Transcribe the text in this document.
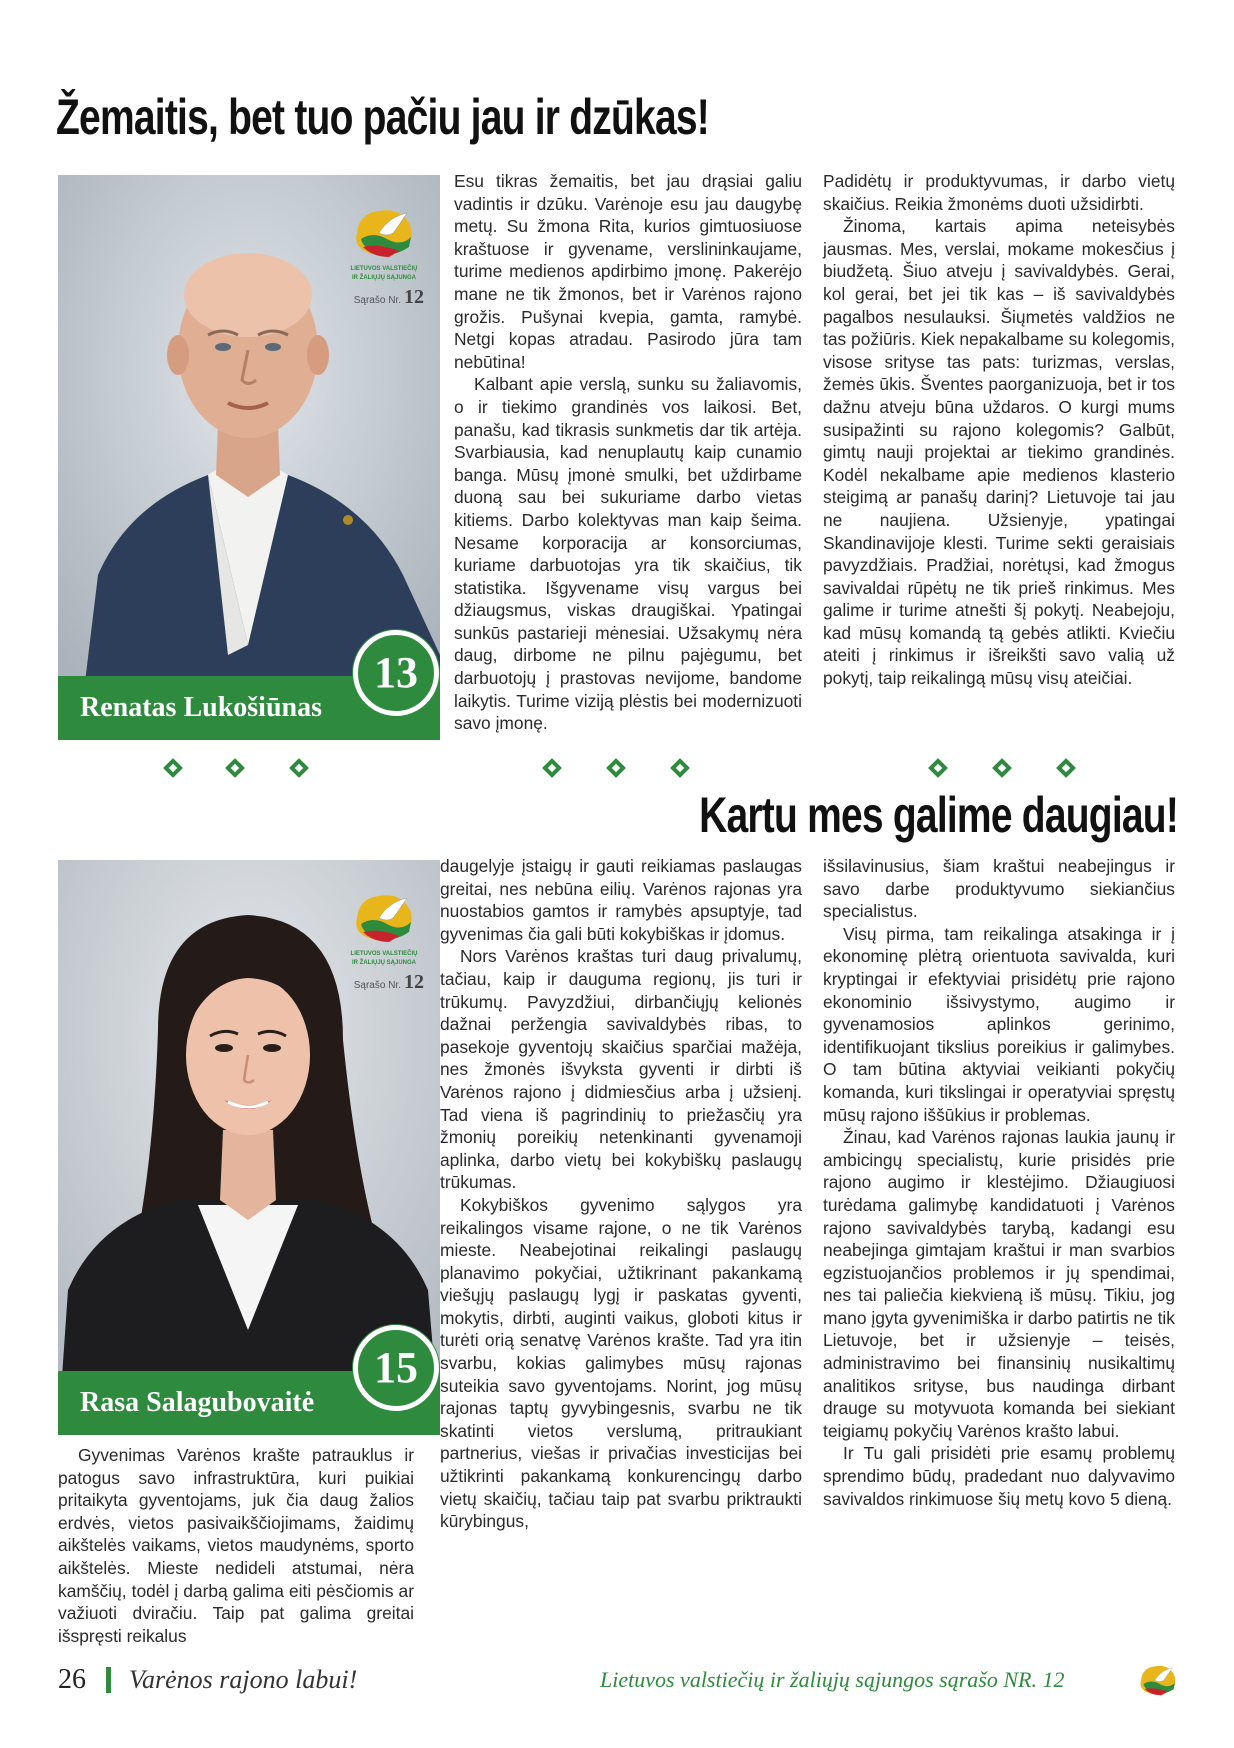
Žemaitis, bet tuo pačiu jau ir dzūkas!
LIETUVOS VALSTIEČIŲ
IR ŽALIŲJŲ SĄJUNGA
Sąrašo Nr. 12
Renatas Lukošiūnas
13

Esu tikras žemaitis, bet jau drąsiai galiu vadintis ir dzūku. Varėnoje esu jau daugybę metų. Su žmona Rita, kurios gimtuosiuose kraštuose ir gyvename, verslininkaujame, turime medienos apdirbimo įmonę. Pakerėjo mane ne tik žmonos, bet ir Varėnos rajono grožis. Pušynai kvepia, gamta, ramybė. Netgi kopas atradau. Pasirodo jūra tam nebūtina!

Kalbant apie verslą, sunku su žaliavomis, o ir tiekimo grandinės vos laikosi. Bet, panašu, kad tikrasis sunkmetis dar tik artėja. Svarbiausia, kad nenuplautų kaip cunamio banga. Mūsų įmonė smulki, bet uždirbame duoną sau bei sukuriame darbo vietas kitiems. Darbo kolektyvas man kaip šeima. Nesame korporacija ar konsorciumas, kuriame darbuotojas yra tik skaičius, tik statistika. Išgyvename visų vargus bei džiaugsmus, viskas draugiškai. Ypatingai sunkūs pastarieji mėnesiai. Užsakymų nėra daug, dirbome ne pilnu pajėgumu, bet darbuotojų į prastovas nevijome, bandome laikytis. Turime viziją plėstis bei modernizuoti savo įmonę.

Padidėtų ir produktyvumas, ir darbo vietų skaičius. Reikia žmonėms duoti užsidirbti.

Žinoma, kartais apima neteisybės jausmas. Mes, verslai, mokame mokesčius į biudžetą. Šiuo atveju į savivaldybės. Gerai, kol gerai, bet jei tik kas – iš savivaldybės pagalbos nesulauksi. Šiųmetės valdžios ne tas požiūris. Kiek nepakalbame su kolegomis, visose srityse tas pats: turizmas, verslas, žemės ūkis. Šventes paorganizuoja, bet ir tos dažnu atveju būna uždaros. O kurgi mums susipažinti su rajono kolegomis? Galbūt, gimtų nauji projektai ar tiekimo grandinės. Kodėl nekalbame apie medienos klasterio steigimą ar panašų darinį? Lietuvoje tai jau ne naujiena. Užsienyje, ypatingai Skandinavijoje klesti. Turime sekti geraisiais pavyzdžiais. Pradžiai, norėtųsi, kad žmogus savivaldai rūpėtų ne tik prieš rinkimus. Mes galime ir turime atnešti šį pokytį. Neabejoju, kad mūsų komandą tą gebės atlikti. Kviečiu ateiti į rinkimus ir išreikšti savo valią už pokytį, taip reikalingą mūsų visų ateičiai.

Kartu mes galime daugiau!
LIETUVOS VALSTIEČIŲ
IR ŽALIŲJŲ SĄJUNGA
Sąrašo Nr. 12
Rasa Salagubovaitė
15

Gyvenimas Varėnos krašte patrauklus ir patogus savo infrastruktūra, kuri puikiai pritaikyta gyventojams, juk čia daug žalios erdvės, vietos pasivaikščiojimams, žaidimų aikštelės vaikams, vietos maudynėms, sporto aikštelės. Mieste nedideli atstumai, nėra kamščių, todėl į darbą galima eiti pėsčiomis ar važiuoti dviračiu. Taip pat galima greitai išspręsti reikalus

daugelyje įstaigų ir gauti reikiamas paslaugas greitai, nes nebūna eilių. Varėnos rajonas yra nuostabios gamtos ir ramybės apsuptyje, tad gyvenimas čia gali būti kokybiškas ir įdomus.

Nors Varėnos kraštas turi daug privalumų, tačiau, kaip ir dauguma regionų, jis turi ir trūkumų. Pavyzdžiui, dirbančiųjų kelionės dažnai peržengia savivaldybės ribas, to pasekoje gyventojų skaičius sparčiai mažėja, nes žmonės išvyksta gyventi ir dirbti iš Varėnos rajono į didmiesčius arba į užsienį. Tad viena iš pagrindinių to priežasčių yra žmonių poreikių netenkinanti gyvenamoji aplinka, darbo vietų bei kokybiškų paslaugų trūkumas.

Kokybiškos gyvenimo sąlygos yra reikalingos visame rajone, o ne tik Varėnos mieste. Neabejotinai reikalingi paslaugų planavimo pokyčiai, užtikrinant pakankamą viešųjų paslaugų lygį ir paskatas gyventi, mokytis, dirbti, auginti vaikus, globoti kitus ir turėti orią senatvę Varėnos krašte. Tad yra itin svarbu, kokias galimybes mūsų rajonas suteikia savo gyventojams. Norint, jog mūsų rajonas taptų gyvybingesnis, svarbu ne tik skatinti vietos verslumą, pritraukiant partnerius, viešas ir privačias investicijas bei užtikrinti pakankamą konkurencingų darbo vietų skaičių, tačiau taip pat svarbu priktraukti kūrybingus,

išsilavinusius, šiam kraštui neabejingus ir savo darbe produktyvumo siekiančius specialistus.

Visų pirma, tam reikalinga atsakinga ir į ekonominę plėtrą orientuota savivalda, kuri kryptingai ir efektyviai prisidėtų prie rajono ekonominio išsivystymo, augimo ir gyvenamosios aplinkos gerinimo, identifikuojant tikslius poreikius ir galimybes. O tam būtina aktyviai veikianti pokyčių komanda, kuri tikslingai ir operatyviai spręstų mūsų rajono iššūkius ir problemas.

Žinau, kad Varėnos rajonas laukia jaunų ir ambicingų specialistų, kurie prisidės prie rajono augimo ir klestėjimo. Džiaugiuosi turėdama galimybę kandidatuoti į Varėnos rajono savivaldybės tarybą, kadangi esu neabejinga gimtajam kraštui ir man svarbios egzistuojančios problemos ir jų spendimai, nes tai paliečia kiekvieną iš mūsų. Tikiu, jog mano įgyta gyvenimiška ir darbo patirtis ne tik Lietuvoje, bet ir užsienyje – teisės, administravimo bei finansinių nusikaltimų analitikos srityse, bus naudinga dirbant drauge su motyvuota komanda bei siekiant teigiamų pokyčių Varėnos krašto labui.

Ir Tu gali prisidėti prie esamų problemų sprendimo būdų, pradedant nuo dalyvavimo savivaldos rinkimuose šių metų kovo 5 dieną.

26 Varėnos rajono labui!	Lietuvos valstiečių ir žaliųjų sąjungos sąrašo NR. 12
